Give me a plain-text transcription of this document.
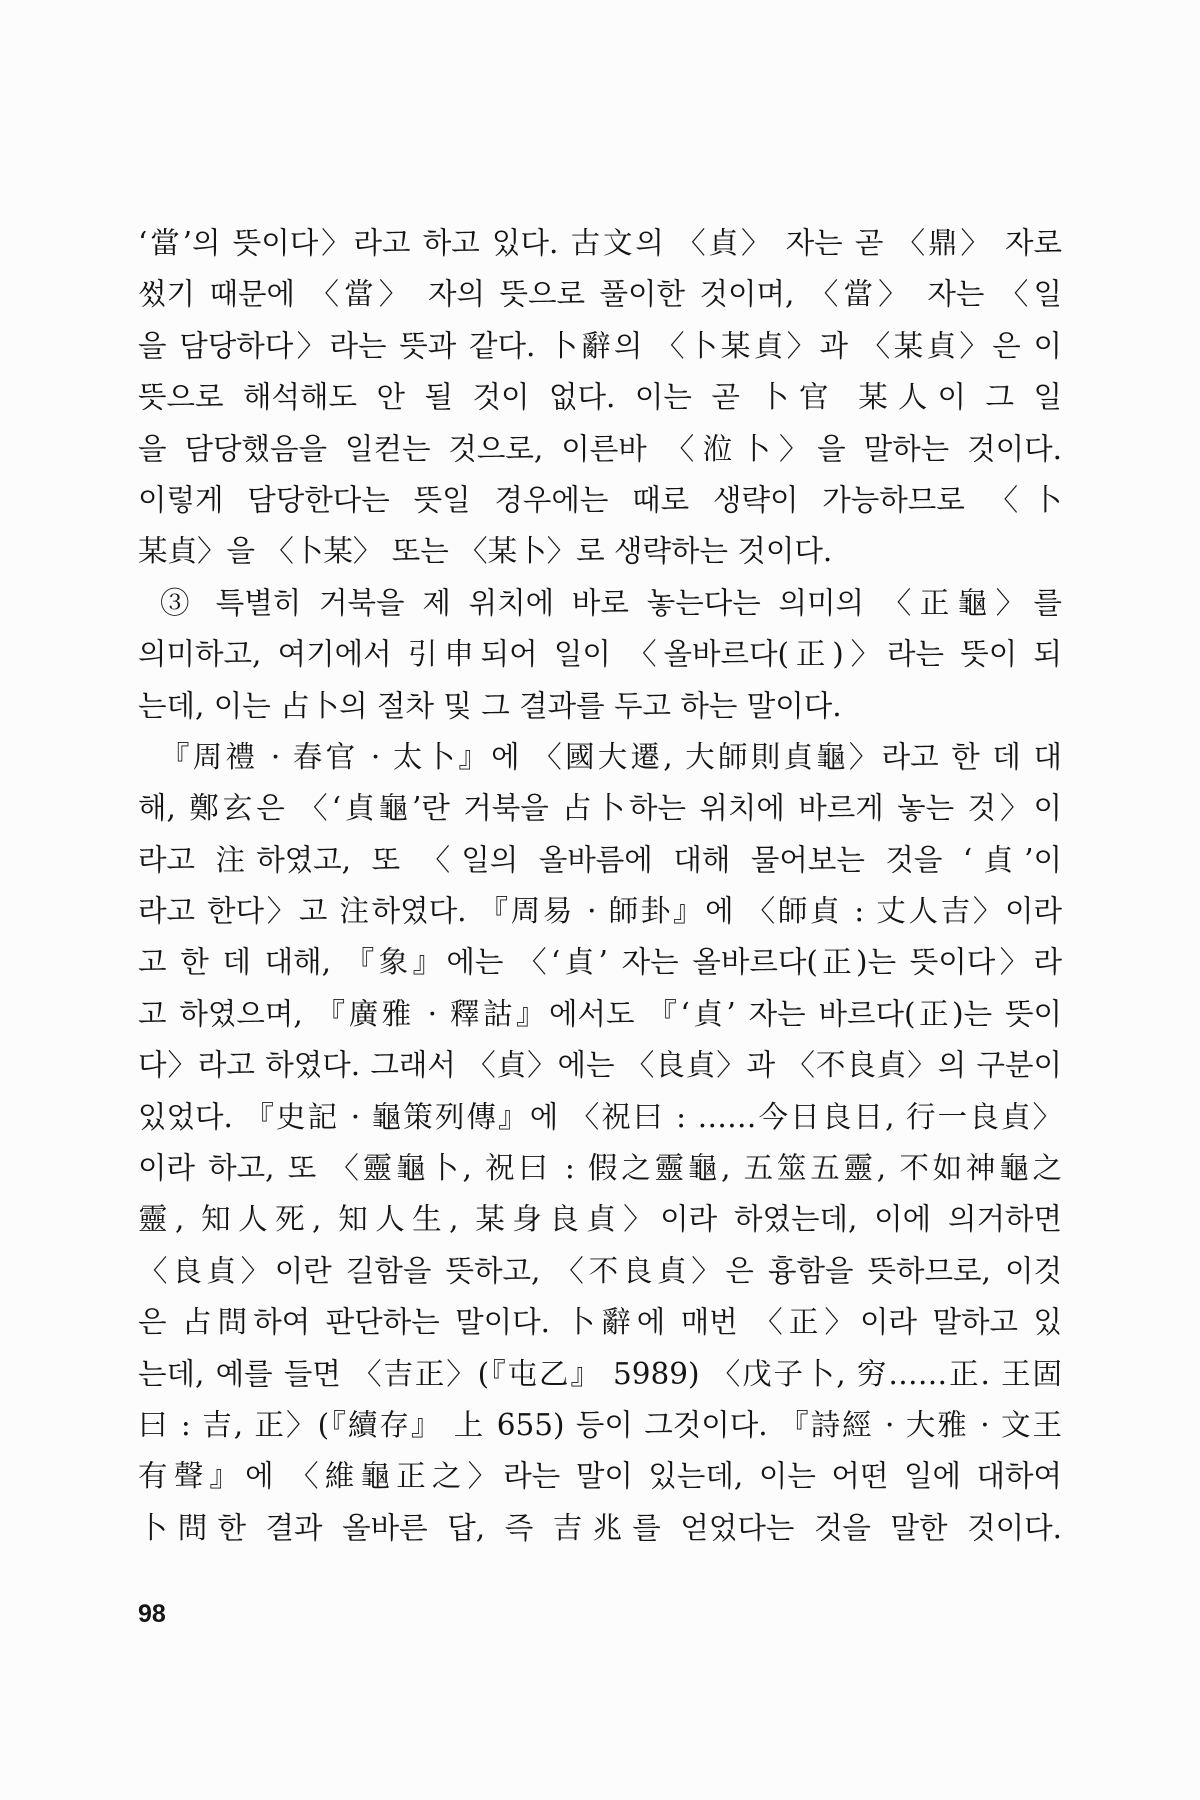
‘當’의 뜻이다〉라고 하고 있다. 古文의 〈貞〉 자는 곧 〈鼎〉 자로
썼기 때문에 〈當〉 자의 뜻으로 풀이한 것이며, 〈當〉 자는 〈일
을 담당하다〉라는 뜻과 같다. 卜辭의 〈卜某貞〉과 〈某貞〉은 이
뜻으로 해석해도 안 될 것이 없다. 이는 곧 卜官 某人이 그 일
을 담당했음을 일컫는 것으로, 이른바 〈涖卜〉을 말하는 것이다.
이렇게 담당한다는 뜻일 경우에는 때로 생략이 가능하므로 〈卜
某貞〉을 〈卜某〉 또는 〈某卜〉로 생략하는 것이다.
③ 특별히 거북을 제 위치에 바로 놓는다는 의미의 〈正龜〉를
의미하고, 여기에서 引申되어 일이 〈올바르다(正)〉라는 뜻이 되
는데, 이는 占卜의 절차 및 그 결과를 두고 하는 말이다.
『周禮 · 春官 · 太卜』에 〈國大遷, 大師則貞龜〉라고 한 데 대
해, 鄭玄은 〈‘貞龜’란 거북을 占卜하는 위치에 바르게 놓는 것〉이
라고 注하였고, 또 〈일의 올바름에 대해 물어보는 것을 ‘貞’이
라고 한다〉고 注하였다. 『周易 · 師卦』에 〈師貞 : 丈人吉〉이라
고 한 데 대해, 『象』에는 〈‘貞’ 자는 올바르다(正)는 뜻이다〉라
고 하였으며, 『廣雅 · 釋詁』에서도 『‘貞’ 자는 바르다(正)는 뜻이
다〉라고 하였다. 그래서 〈貞〉에는 〈良貞〉과 〈不良貞〉의 구분이
있었다. 『史記 · 龜策列傳』에 〈祝曰 : ……今日良日, 行一良貞〉
이라 하고, 또 〈靈龜卜, 祝曰 : 假之靈龜, 五筮五靈, 不如神龜之
靈, 知人死, 知人生, 某身良貞〉이라 하였는데, 이에 의거하면
〈良貞〉이란 길함을 뜻하고, 〈不良貞〉은 흉함을 뜻하므로, 이것
은 占問하여 판단하는 말이다. 卜辭에 매번 〈正〉이라 말하고 있
는데, 예를 들면 〈吉正〉(『屯乙』 5989) 〈戊子卜, 穷……正. 王固
曰 : 吉, 正〉(『續存』 上 655) 등이 그것이다. 『詩經 · 大雅 · 文王
有聲』에 〈維龜正之〉라는 말이 있는데, 이는 어떤 일에 대하여
卜問한 결과 올바른 답, 즉 吉兆를 얻었다는 것을 말한 것이다.
98
